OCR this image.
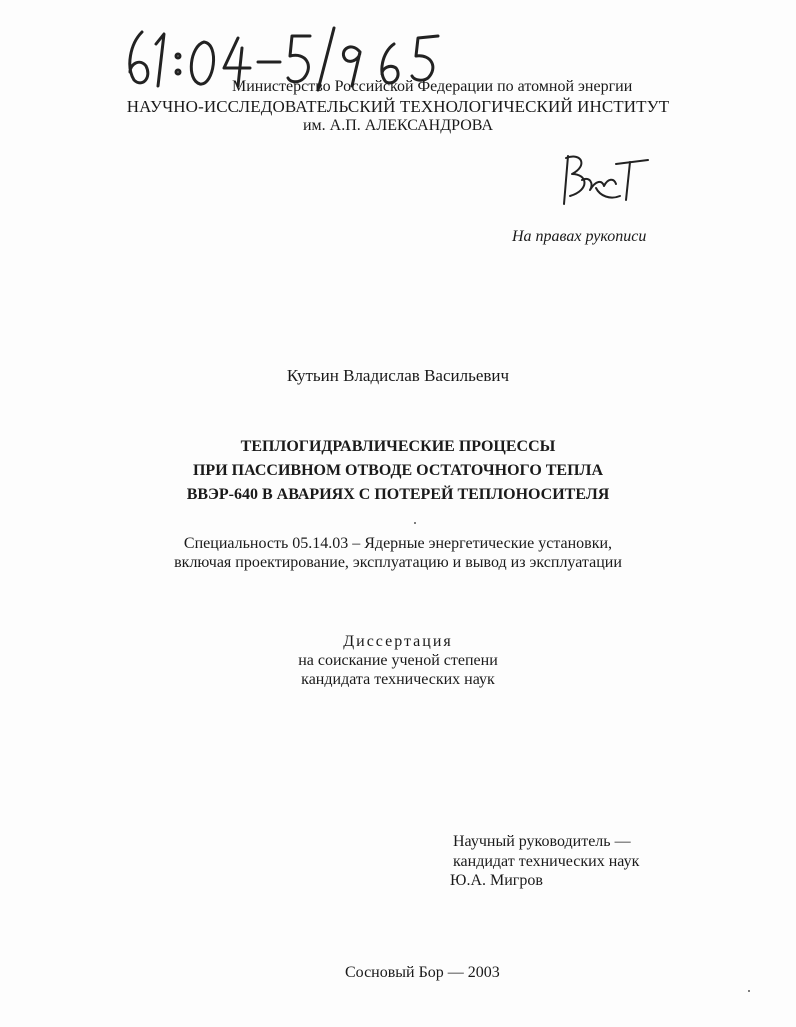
Министерство Российской Федерации по атомной энергии
НАУЧНО-ИССЛЕДОВАТЕЛЬСКИЙ ТЕХНОЛОГИЧЕСКИЙ ИНСТИТУТ
им. А.П. АЛЕКСАНДРОВА
На правах рукописи
Кутьин Владислав Васильевич
ТЕПЛОГИДРАВЛИЧЕСКИЕ ПРОЦЕССЫ
ПРИ ПАССИВНОМ ОТВОДЕ ОСТАТОЧНОГО ТЕПЛА
ВВЭР-640 В АВАРИЯХ С ПОТЕРЕЙ ТЕПЛОНОСИТЕЛЯ
Специальность 05.14.03 – Ядерные энергетические установки,
включая проектирование, эксплуатацию и вывод из эксплуатации
Диссертация
на соискание ученой степени
кандидата технических наук
Научный руководитель —
кандидат технических наук
Ю.А. Мигров
Сосновый Бор — 2003
